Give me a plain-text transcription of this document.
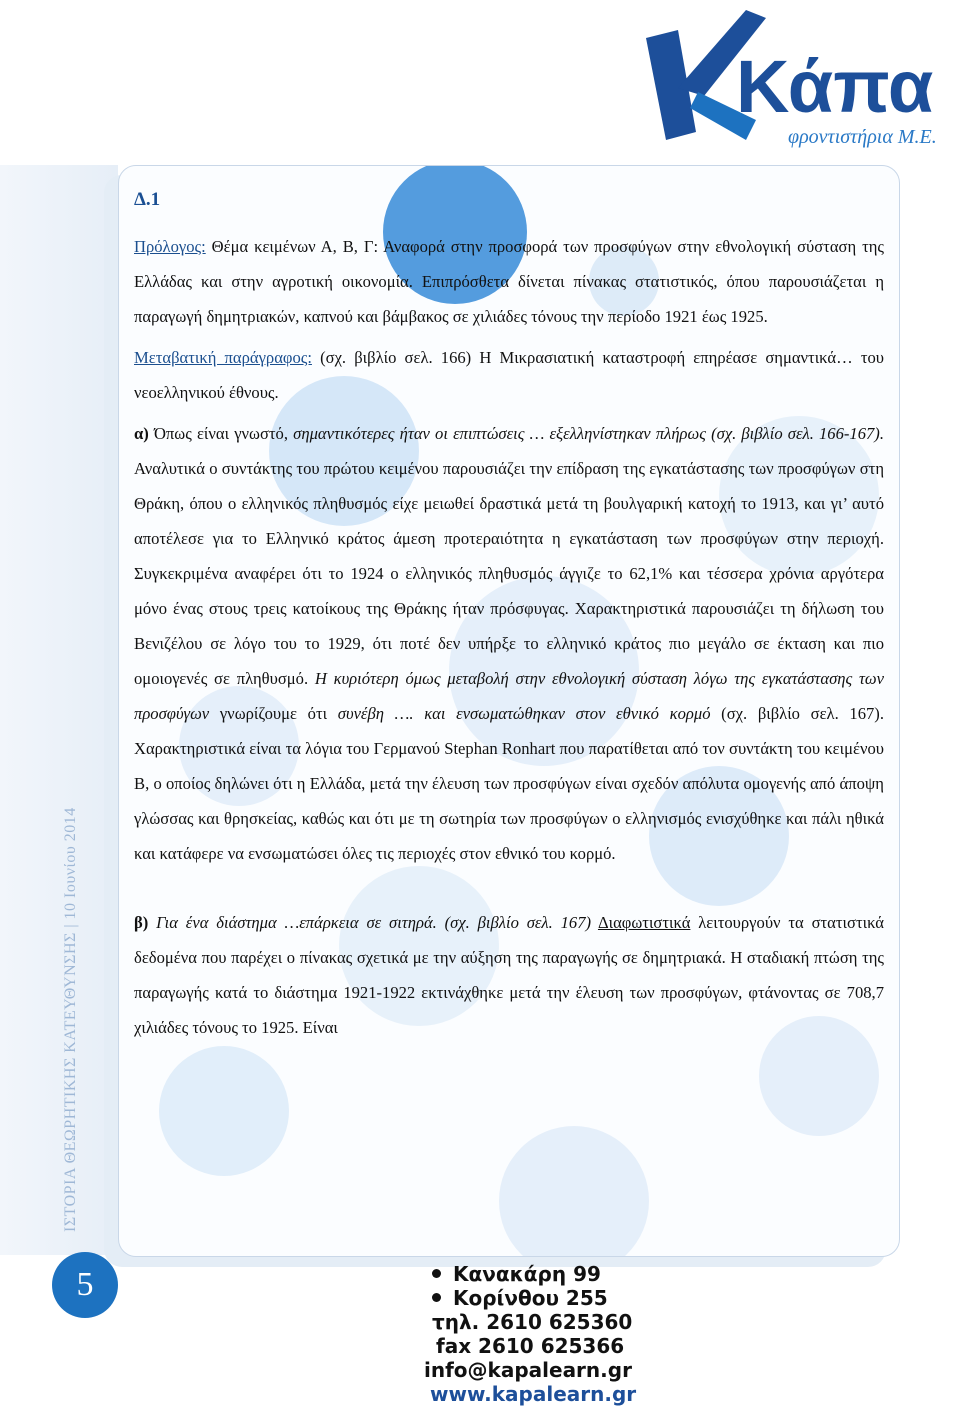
Κάπα
φροντιστήρια Μ.Ε.
ΙΣΤΟΡΙΑ ΘΕΩΡΗΤΙΚΗΣ ΚΑΤΕΥΘΥΝΣΗΣ | 10 Ιουνίου 2014
5

Δ.1

Πρόλογος: Θέμα κειμένων Α, Β, Γ: Αναφορά στην προσφορά των προσφύγων στην εθνολογική σύσταση της Ελλάδας και στην αγροτική οικονομία. Επιπρόσθετα δίνεται πίνακας στατιστικός, όπου παρουσιάζεται η παραγωγή δημητριακών, καπνού και βάμβακος σε χιλιάδες τόνους την περίοδο 1921 έως 1925.

Μεταβατική παράγραφος: (σχ. βιβλίο σελ. 166) Η Μικρασιατική καταστροφή επηρέασε σημαντικά… του νεοελληνικού έθνους.

α) Όπως είναι γνωστό, σημαντικότερες ήταν οι επιπτώσεις … εξελληνίστηκαν πλήρως (σχ. βιβλίο σελ. 166-167). Αναλυτικά ο συντάκτης του πρώτου κειμένου παρουσιάζει την επίδραση της εγκατάστασης των προσφύγων στη Θράκη, όπου ο ελληνικός πληθυσμός είχε μειωθεί δραστικά μετά τη βουλγαρική κατοχή το 1913, και γι’ αυτό αποτέλεσε για το Ελληνικό κράτος άμεση προτεραιότητα η εγκατάσταση των προσφύγων στην περιοχή. Συγκεκριμένα αναφέρει ότι το 1924 ο ελληνικός πληθυσμός άγγιζε το 62,1% και τέσσερα χρόνια αργότερα μόνο ένας στους τρεις κατοίκους της Θράκης ήταν πρόσφυγας. Χαρακτηριστικά παρουσιάζει τη δήλωση του Βενιζέλου σε λόγο του το 1929, ότι ποτέ δεν υπήρξε το ελληνικό κράτος πιο μεγάλο σε έκταση και πιο ομοιογενές σε πληθυσμό. Η κυριότερη όμως μεταβολή στην εθνολογική σύσταση λόγω της εγκατάστασης των προσφύγων γνωρίζουμε ότι συνέβη …. και ενσωματώθηκαν στον εθνικό κορμό (σχ. βιβλίο σελ. 167). Χαρακτηριστικά είναι τα λόγια του Γερμανού Stephan Ronhart που παρατίθεται από τον συντάκτη του κειμένου Β, ο οποίος δηλώνει ότι η Ελλάδα, μετά την έλευση των προσφύγων είναι σχεδόν απόλυτα ομογενής από άποψη γλώσσας και θρησκείας, καθώς και ότι με τη σωτηρία των προσφύγων ο ελληνισμός ενισχύθηκε και πάλι ηθικά και κατάφερε να ενσωματώσει όλες τις περιοχές στον εθνικό του κορμό.

β) Για ένα διάστημα …επάρκεια σε σιτηρά. (σχ. βιβλίο σελ. 167) Διαφωτιστικά λειτουργούν τα στατιστικά δεδομένα που παρέχει ο πίνακας σχετικά με την αύξηση της παραγωγής σε δημητριακά. Η σταδιακή πτώση της παραγωγής κατά το διάστημα 1921-1922 εκτινάχθηκε μετά την έλευση των προσφύγων, φτάνοντας σε 708,7 χιλιάδες τόνους το 1925. Είναι

Κανακάρη 99
Κορίνθου 255
τηλ. 2610 625360
fax 2610 625366
info@kapalearn.gr
www.kapalearn.gr
